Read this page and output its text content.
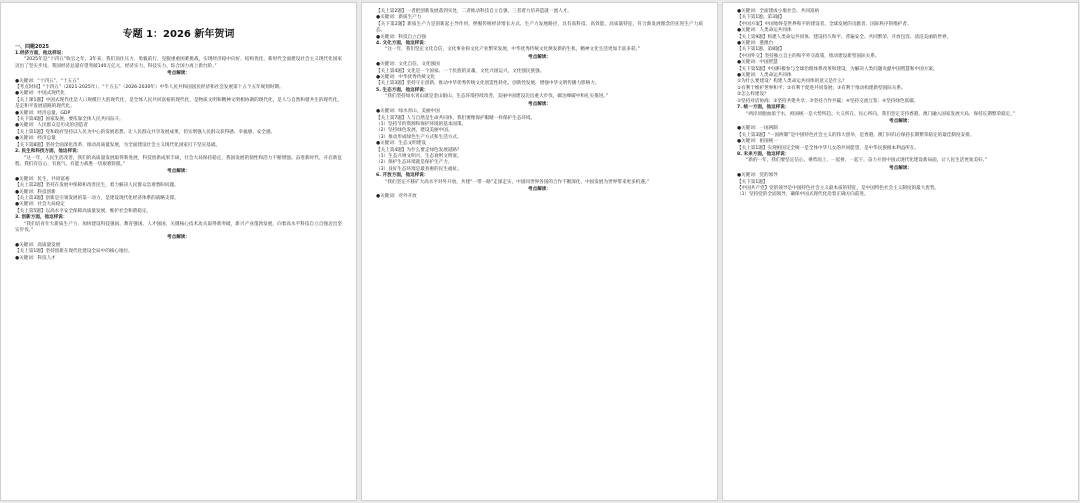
专题 1：2026 新年贺词
一、四题2025
1.经济方面，他这样说：
“2025年是“十四五”收官之年，3年来，我们顶住压力、勇毅前行，克服重重困难挑战，实现经济稳中向好、结构优化，新时代全面建设社会主义现代化国家迈出了坚实步伐。我国经济总量有望突破140万亿元，经济实力、科技实力、综合国力再上新台阶。”
考点解读：
●关键词：“十四五”、“十五五”
【考点时间】“十四五”（2021-2025年）、“十五五”（2026-2030年）中华人民共和国国民经济和社会发展第十五个五年规划时期。
●关键词：中国式现代化
【关上课1题】中国式现代化是人口规模巨大的现代化，是全体人民共同富裕的现代化，是物质文明和精神文明相协调的现代化，是人与自然和谐共生的现代化，是走和平发展道路的现代化。
●关键词：经济总量、GDP
【关下第4题】国家发展，要依靠全体人民共同奋斗。
●关键词：人民群众是历史的创造者
【关上第1题】党和政府坚持以人民为中心的发展思想，让人民群众共享发展成果，切实增强人民群众获得感、幸福感、安全感。
●关键词：经济总量
【关下第8题】坚持全面深化改革，推动高质量发展，为全面建设社会主义现代化国家打下坚实基础。
2. 民生和科技方面，他这样说：
“这一年，人民生活改善，我们的高质量发展取得新进展，科技创新成果丰硕，社会大局保持稳定，我国发展的韧性和活力不断增强。奋进新时代、开启新征程，我们有信心、有底气、有能力战胜一切艰难险阻。”
考点解读：
●关键词：民生，共同富裕
【关上第2题】坚持在发展中保障和改善民生，着力解决人民群众急难愁盼问题。
●关键词：科技创新
【关上第3题】创新是引领发展的第一动力，是建设现代化经济体系的战略支撑。
●关键词：社会大局稳定
【关上第5题】以高水平安全保障高质量发展，维护社会和谐稳定。
3. 创新方面，他这样说：
“我们培育壮大新质生产力，加快建设科技强国、教育强国、人才强国，关键核心技术攻关取得新突破，新兴产业蓬勃发展，向着高水平科技自立自强迈出坚实步伐。”
考点解读：
●关键词：高质量发展
【关上第1题】坚持创新在现代化建设全局中的核心地位。
●关键词：科技人才
【关上第2题】一者把创新发展落到实处，二者推动科技自立自强，三者着力培养造就一流人才。
●关键词：新质生产力
【关下第2题】新质生产力是创新起主导作用，摆脱传统经济增长方式、生产力发展路径，具有高科技、高效能、高质量特征，符合新发展理念的先进生产力质态。
●关键词：科技自立自强
4. 文化方面，他这样说：
“这一年，我们坚定文化自信，文化事业和文化产业繁荣发展，中华优秀传统文化焕发新的生机，精神文化生活更加丰富多彩。”
考点解读：
●关键词：文化自信，文化强国
【关上第4题】文化是一个国家、一个民族的灵魂，文化兴国运兴，文化强民族强。
●关键词：中华优秀传统文化
【关上第3题】坚持守正创新，推动中华优秀传统文化创造性转化、创新性发展，增强中华文明传播力影响力。
5. 生态方面，他这样说：
“我们坚持绿水青山就是金山银山，生态环境持续改善，美丽中国建设迈出重大步伐，碳达峰碳中和扎实推进。”
考点解读：
●关键词：绿水青山、美丽中国
【关上第7题】人与自然是生命共同体，我们要像保护眼睛一样保护生态环境。
（1）坚持节约资源和保护环境的基本国策。
（2）坚持绿色发展，建设美丽中国。
（3）推动形成绿色生产方式和生活方式。
●关键词：生态文明建设
【关上第4题】为什么要走绿色发展道路？
（1）生态兴则文明兴，生态衰则文明衰。
（2）保护生态环境就是保护生产力。
（3）良好生态环境是最普惠的民生福祉。
6. 开放方面，他这样说：
“我们坚定不移扩大高水平对外开放，共建“一带一路”走深走实，中国同世界各国的合作不断深化，中国发展为世界带来更多机遇。”
考点解读：
●关键词：对外开放
●关键词：全面建成小康社会、共同富裕
【关下第1题、第3题】
【中国方案】中国始终是世界和平的建设者、全球发展的贡献者、国际秩序的维护者。
●关键词：人类命运共同体
【关上第9题】构建人类命运共同体，建设持久和平、普遍安全、共同繁荣、开放包容、清洁美丽的世界。
●关键词：港澳台
【关下第1题、第8题】
【中国外交】坚持独立自主的和平外交政策，推动建设新型国际关系。
●关键词：中国智慧
【关下第5题】中国积极参与全球治理体系改革和建设，为解决人类问题贡献中国智慧和中国方案。
●关键词：人类命运共同体
①为什么要建设？构建人类命运共同体的意义是什么？
①有利于维护世界和平；②有利于促进共同发展；③有利于推动构建新型国际关系。
②怎么样建设？
①坚持对话协商；②坚持共建共享；③坚持合作共赢；④坚持交流互鉴；⑤坚持绿色低碳。
7. 统一方面，他这样说：
“两岸同胞血浓于水，祖国统一是大势所趋、大义所在、民心所向。我们坚定支持香港、澳门融入国家发展大局，保持长期繁荣稳定。”
考点解读：
●关键词：一国两制
【关上第3题】“一国两制”是中国特色社会主义的伟大创举，是香港、澳门回归后保持长期繁荣稳定的最佳制度安排。
●关键词：祖国统一
【关上第1题】实现祖国完全统一是全体中华儿女的共同愿望，是中华民族根本利益所在。
8. 未来方面，他这样说：
“新的一年，我们要坚定信心、乘势而上，一起拼、一起干，奋力开创中国式现代化建设新局面，让人民生活更加美好。”
考点解读：
●关键词：党的领导
【关下第1题】
【中国共产党】党的领导是中国特色社会主义最本质的特征，是中国特色社会主义制度的最大优势。
（1）坚持党的全面领导，确保中国式现代化沿着正确方向前进。
